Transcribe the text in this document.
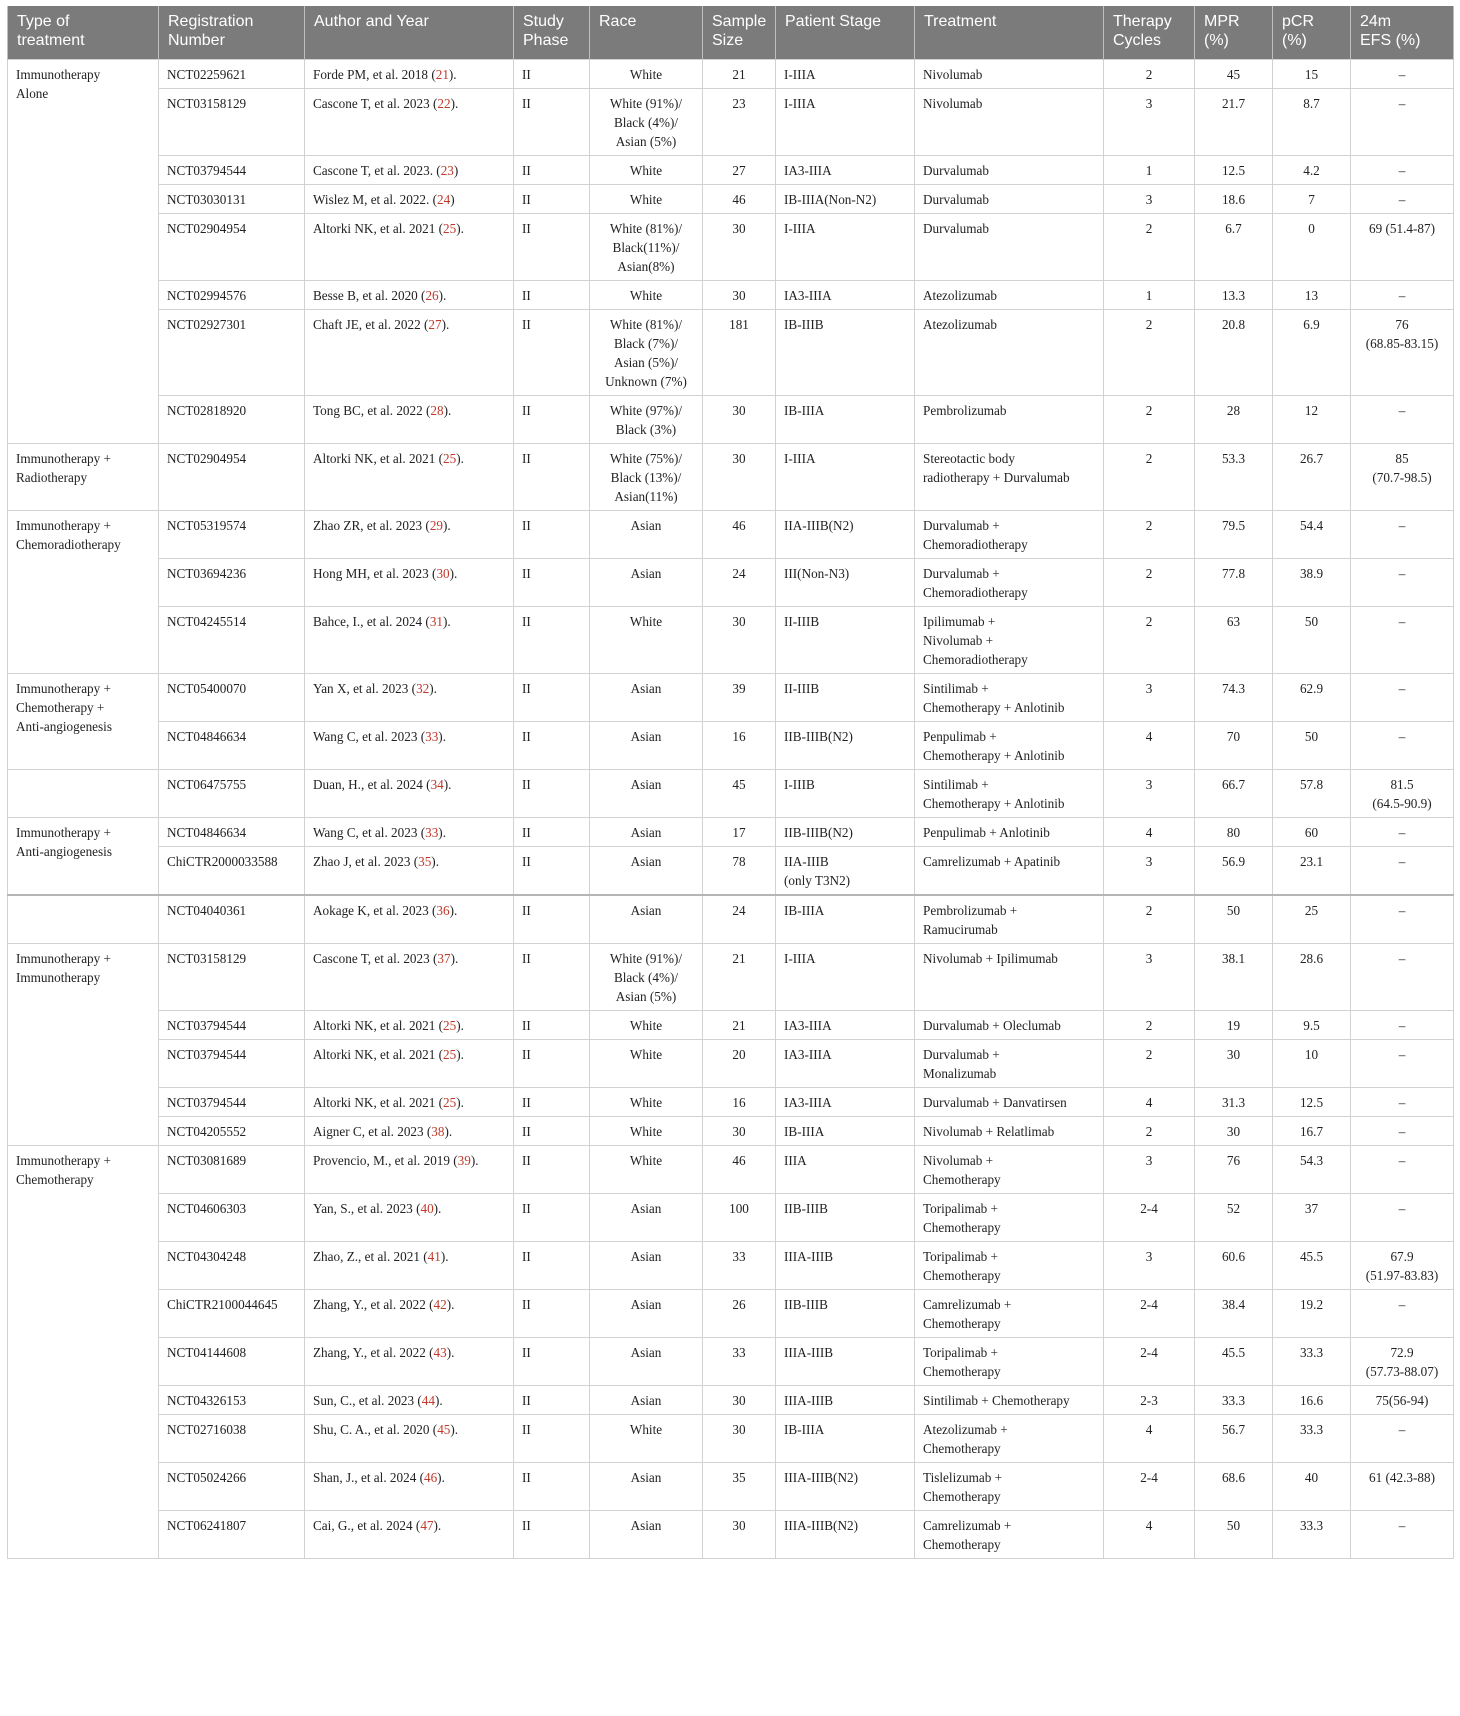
Type of
treatment	Registration
Number	Author and Year	Study
Phase	Race	Sample
Size	Patient Stage	Treatment	Therapy
Cycles	MPR
(%)	pCR
(%)	24m
EFS (%)
Immunotherapy
Alone	NCT02259621	Forde PM, et al. 2018 (21).	II	White	21	I-IIIA	Nivolumab	2	45	15	–
	NCT03158129	Cascone T, et al. 2023 (22).	II	White (91%)/
Black (4%)/
Asian (5%)	23	I-IIIA	Nivolumab	3	21.7	8.7	–
	NCT03794544	Cascone T, et al. 2023. (23)	II	White	27	IA3-IIIA	Durvalumab	1	12.5	4.2	–
	NCT03030131	Wislez M, et al. 2022. (24)	II	White	46	IB-IIIA(Non-N2)	Durvalumab	3	18.6	7	–
	NCT02904954	Altorki NK, et al. 2021 (25).	II	White (81%)/
Black(11%)/
Asian(8%)	30	I-IIIA	Durvalumab	2	6.7	0	69 (51.4-87)
	NCT02994576	Besse B, et al. 2020 (26).	II	White	30	IA3-IIIA	Atezolizumab	1	13.3	13	–
	NCT02927301	Chaft JE, et al. 2022 (27).	II	White (81%)/
Black (7%)/
Asian (5%)/
Unknown (7%)	181	IB-IIIB	Atezolizumab	2	20.8	6.9	76
(68.85-83.15)
	NCT02818920	Tong BC, et al. 2022 (28).	II	White (97%)/
Black (3%)	30	IB-IIIA	Pembrolizumab	2	28	12	–
Immunotherapy +
Radiotherapy	NCT02904954	Altorki NK, et al. 2021 (25).	II	White (75%)/
Black (13%)/
Asian(11%)	30	I-IIIA	Stereotactic body
radiotherapy + Durvalumab	2	53.3	26.7	85
(70.7-98.5)
Immunotherapy +
Chemoradiotherapy	NCT05319574	Zhao ZR, et al. 2023 (29).	II	Asian	46	IIA-IIIB(N2)	Durvalumab +
Chemoradiotherapy	2	79.5	54.4	–
	NCT03694236	Hong MH, et al. 2023 (30).	II	Asian	24	III(Non-N3)	Durvalumab +
Chemoradiotherapy	2	77.8	38.9	–
	NCT04245514	Bahce, I., et al. 2024 (31).	II	White	30	II-IIIB	Ipilimumab +
Nivolumab +
Chemoradiotherapy	2	63	50	–
Immunotherapy +
Chemotherapy +
Anti-angiogenesis	NCT05400070	Yan X, et al. 2023 (32).	II	Asian	39	II-IIIB	Sintilimab +
Chemotherapy + Anlotinib	3	74.3	62.9	–
	NCT04846634	Wang C, et al. 2023 (33).	II	Asian	16	IIB-IIIB(N2)	Penpulimab +
Chemotherapy + Anlotinib	4	70	50	–
	NCT06475755	Duan, H., et al. 2024 (34).	II	Asian	45	I-IIIB	Sintilimab +
Chemotherapy + Anlotinib	3	66.7	57.8	81.5
(64.5-90.9)
Immunotherapy +
Anti-angiogenesis	NCT04846634	Wang C, et al. 2023 (33).	II	Asian	17	IIB-IIIB(N2)	Penpulimab + Anlotinib	4	80	60	–
	ChiCTR2000033588	Zhao J, et al. 2023 (35).	II	Asian	78	IIA-IIIB
(only T3N2)	Camrelizumab + Apatinib	3	56.9	23.1	–
	NCT04040361	Aokage K, et al. 2023 (36).	II	Asian	24	IB-IIIA	Pembrolizumab +
Ramucirumab	2	50	25	–
Immunotherapy +
Immunotherapy	NCT03158129	Cascone T, et al. 2023 (37).	II	White (91%)/
Black (4%)/
Asian (5%)	21	I-IIIA	Nivolumab + Ipilimumab	3	38.1	28.6	–
	NCT03794544	Altorki NK, et al. 2021 (25).	II	White	21	IA3-IIIA	Durvalumab + Oleclumab	2	19	9.5	–
	NCT03794544	Altorki NK, et al. 2021 (25).	II	White	20	IA3-IIIA	Durvalumab +
Monalizumab	2	30	10	–
	NCT03794544	Altorki NK, et al. 2021 (25).	II	White	16	IA3-IIIA	Durvalumab + Danvatirsen	4	31.3	12.5	–
	NCT04205552	Aigner C, et al. 2023 (38).	II	White	30	IB-IIIA	Nivolumab + Relatlimab	2	30	16.7	–
Immunotherapy +
Chemotherapy	NCT03081689	Provencio, M., et al. 2019 (39).	II	White	46	IIIA	Nivolumab +
Chemotherapy	3	76	54.3	–
	NCT04606303	Yan, S., et al. 2023 (40).	II	Asian	100	IIB-IIIB	Toripalimab +
Chemotherapy	2-4	52	37	–
	NCT04304248	Zhao, Z., et al. 2021 (41).	II	Asian	33	IIIA-IIIB	Toripalimab +
Chemotherapy	3	60.6	45.5	67.9
(51.97-83.83)
	ChiCTR2100044645	Zhang, Y., et al. 2022 (42).	II	Asian	26	IIB-IIIB	Camrelizumab +
Chemotherapy	2-4	38.4	19.2	–
	NCT04144608	Zhang, Y., et al. 2022 (43).	II	Asian	33	IIIA-IIIB	Toripalimab +
Chemotherapy	2-4	45.5	33.3	72.9
(57.73-88.07)
	NCT04326153	Sun, C., et al. 2023 (44).	II	Asian	30	IIIA-IIIB	Sintilimab + Chemotherapy	2-3	33.3	16.6	75(56-94)
	NCT02716038	Shu, C. A., et al. 2020 (45).	II	White	30	IB-IIIA	Atezolizumab +
Chemotherapy	4	56.7	33.3	–
	NCT05024266	Shan, J., et al. 2024 (46).	II	Asian	35	IIIA-IIIB(N2)	Tislelizumab +
Chemotherapy	2-4	68.6	40	61 (42.3-88)
	NCT06241807	Cai, G., et al. 2024 (47).	II	Asian	30	IIIA-IIIB(N2)	Camrelizumab +
Chemotherapy	4	50	33.3	–
